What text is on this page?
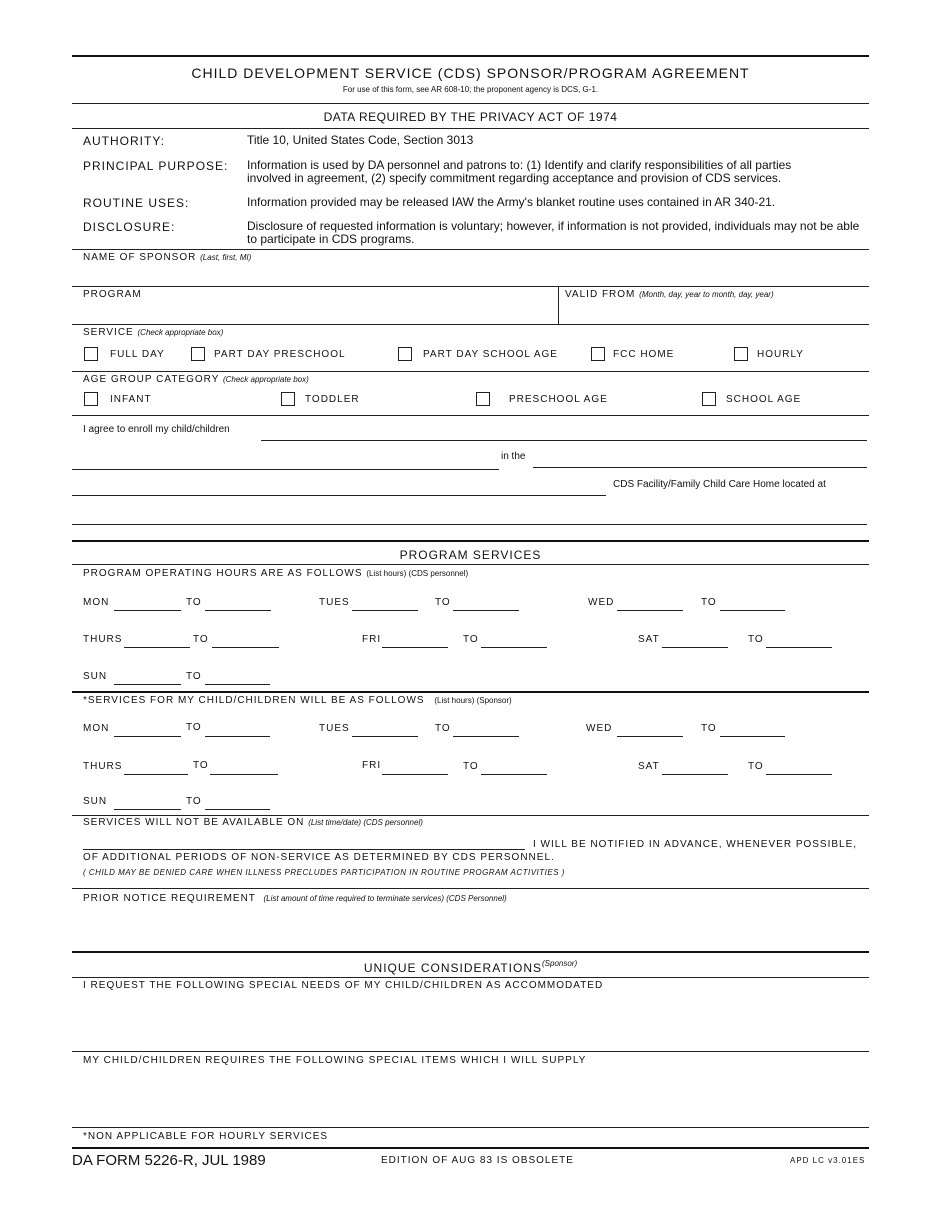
CHILD DEVELOPMENT SERVICE (CDS) SPONSOR/PROGRAM AGREEMENT
For use of this form, see AR 608-10; the proponent agency is DCS, G-1.
DATA REQUIRED BY THE PRIVACY ACT OF 1974
AUTHORITY:	Title 10, United States Code, Section 3013
PRINCIPAL PURPOSE: Information is used by DA personnel and patrons to: (1) Identify and clarify responsibilities of all parties
involved in agreement, (2) specify commitment regarding acceptance and provision of CDS services.
ROUTINE USES:	Information provided may be released IAW the Army's blanket routine uses contained in AR 340-21.
DISCLOSURE:	Disclosure of requested information is voluntary; however, if information is not provided, individuals may not be able
to participate in CDS programs.
NAME OF SPONSOR (Last, first, MI)
PROGRAM	VALID FROM (Month, day, year to month, day, year)
SERVICE (Check appropriate box)
FULL DAY	PART DAY PRESCHOOL	PART DAY SCHOOL AGE	FCC HOME	HOURLY
AGE GROUP CATEGORY (Check appropriate box)
INFANT	TODDLER	PRESCHOOL AGE	SCHOOL AGE
I agree to enroll my child/children
in the
CDS Facility/Family Child Care Home located at
PROGRAM SERVICES
PROGRAM OPERATING HOURS ARE AS FOLLOWS (List hours) (CDS personnel)
MON	TO	TUES	TO	WED	TO
THURS	TO	FRI	TO	SAT	TO
SUN	TO
*SERVICES FOR MY CHILD/CHILDREN WILL BE AS FOLLOWS (List hours) (Sponsor)
MON	TO	TUES	TO	WED	TO
THURS	TO	FRI	TO	SAT	TO
SUN	TO
SERVICES WILL NOT BE AVAILABLE ON (List time/date) (CDS personnel)
I WILL BE NOTIFIED IN ADVANCE, WHENEVER POSSIBLE,
OF ADDITIONAL PERIODS OF NON-SERVICE AS DETERMINED BY CDS PERSONNEL.
( CHILD MAY BE DENIED CARE WHEN ILLNESS PRECLUDES PARTICIPATION IN ROUTINE PROGRAM ACTIVITIES )
PRIOR NOTICE REQUIREMENT (List amount of time required to terminate services) (CDS Personnel)
UNIQUE $CONSIDERATIONS^{(Sponsor)}$
I REQUEST THE FOLLOWING SPECIAL NEEDS OF MY CHILD/CHILDREN AS ACCOMMODATED
MY CHILD/CHILDREN REQUIRES THE FOLLOWING SPECIAL ITEMS WHICH I WILL SUPPLY
*NON APPLICABLE FOR HOURLY SERVICES
DA FORM 5226-R, JUL 1989	EDITION OF AUG 83 IS OBSOLETE	APD LC v3.01ES
